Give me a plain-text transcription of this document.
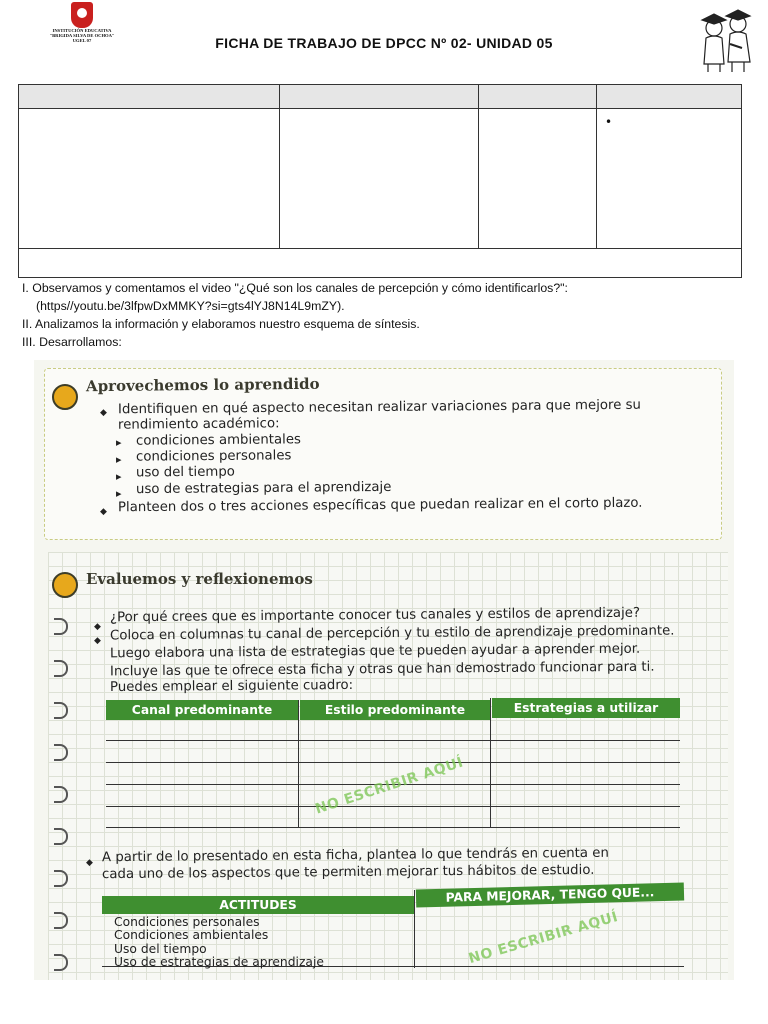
INSTITUCIÓN EDUCATIVA
"BRIGIDA SILVA DE OCHOA"
UGEL 07	FICHA DE TRABAJO DE DPCC Nº 02- UNIDAD 05

			•

I. Observamos y comentamos el video "¿Qué son los canales de percepción y cómo identificarlos?":
(https//youtu.be/3lfpwDxMMKY?si=gts4lYJ8N14L9mZY).
II. Analizamos la información y elaboramos nuestro esquema de síntesis.
III. Desarrollamos:
Aprovechemos lo aprendido
◆ Identifiquen en qué aspecto necesitan realizar variaciones para que mejore su
rendimiento académico:
▸ condiciones ambientales
▸ condiciones personales
▸ uso del tiempo
▸ uso de estrategias para el aprendizaje
◆ Planteen dos o tres acciones específicas que puedan realizar en el corto plazo.
Evaluemos y reflexionemos
◆
¿Por qué crees que es importante conocer tus canales y estilos de aprendizaje?
◆ Coloca en columnas tu canal de percepción y tu estilo de aprendizaje predominante.
Luego elabora una lista de estrategias que te pueden ayudar a aprender mejor.
Incluye las que te ofrece esta ficha y otras que han demostrado funcionar para ti.
Puedes emplear el siguiente cuadro:
Canal predominante	Estilo predominante	Estrategias a utilizar
NO ESCRIBIR AQUÍ
◆ A partir de lo presentado en esta ficha, plantea lo que tendrás en cuenta en
cada uno de los aspectos que te permiten mejorar tus hábitos de estudio.
ACTITUDES
PARA MEJORAR, TENGO QUE...
Condiciones personales
Condiciones ambientales
Uso del tiempo
Uso de estrategias de aprendizaje	NO ESCRIBIR AQUÍ
